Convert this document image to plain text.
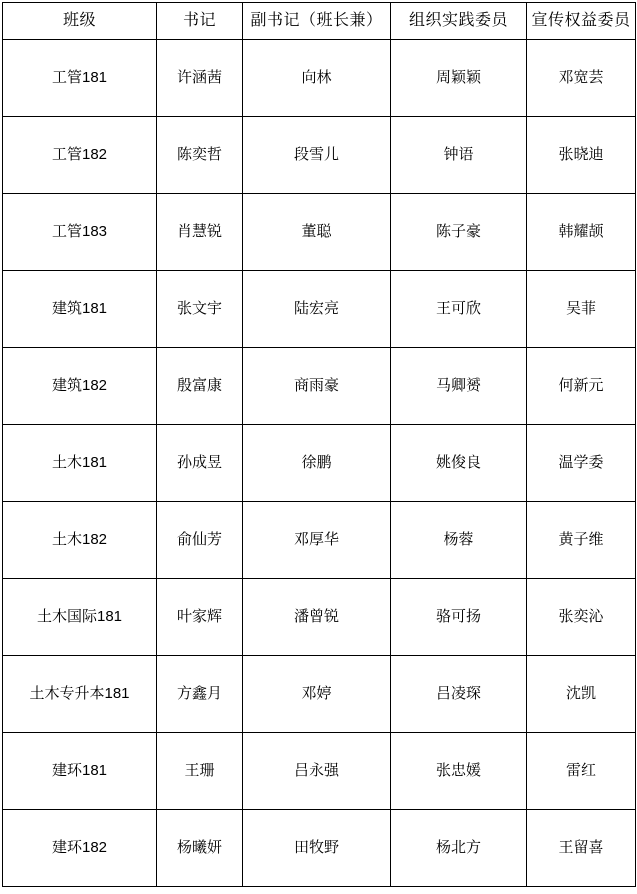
班级	书记	副书记（班长兼）	组织实践委员	宣传权益委员

工管181	许涵茜	向林	周颖颖	邓宽芸

工管182	陈奕哲	段雪儿	钟语	张晓迪

工管183	肖慧锐	董聪	陈子豪	韩耀颉

建筑181	张文宇	陆宏亮	王可欣	吴菲

建筑182	殷富康	商雨豪	马卿赟	何新元

土木181	孙成昱	徐鹏	姚俊良	温学委

土木182	俞仙芳	邓厚华	杨蓉	黄子维

土木国际181	叶家辉	潘曾锐	骆可扬	张奕沁

土木专升本181	方鑫月	邓婷	吕凌琛	沈凯

建环181	王珊	吕永强	张忠媛	雷红

建环182	杨曦妍	田牧野	杨北方	王留喜
